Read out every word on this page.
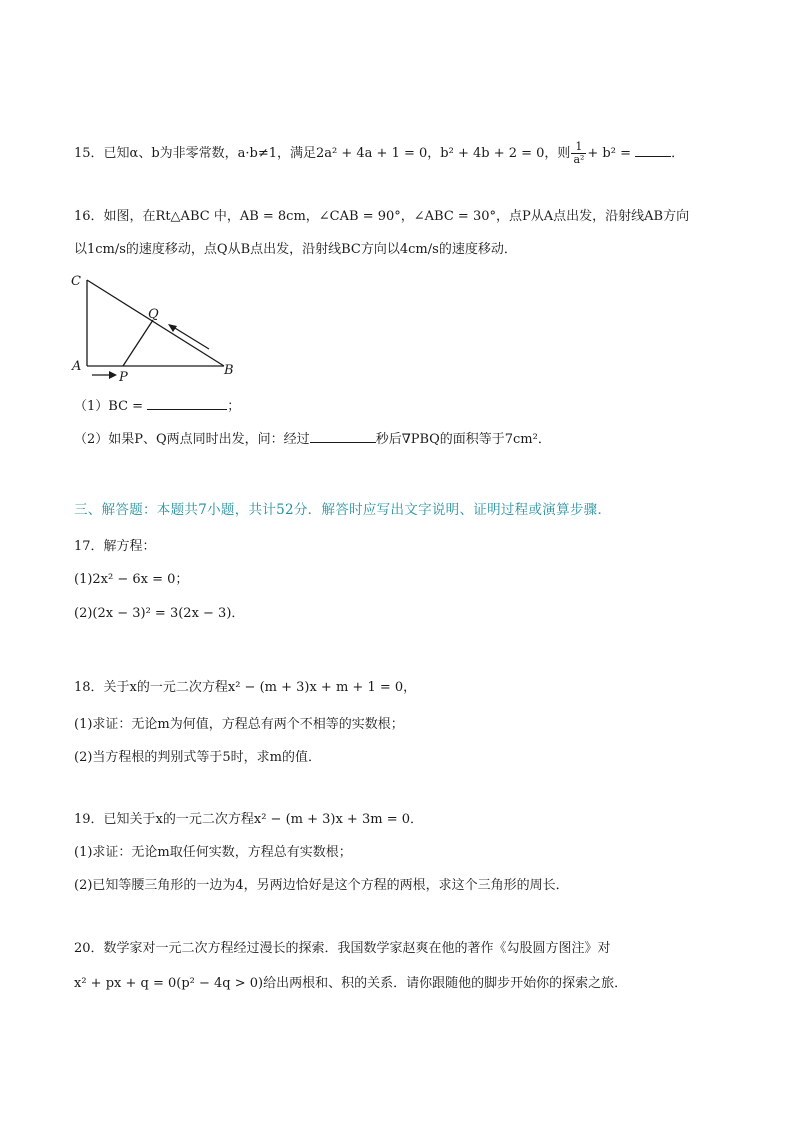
15．已知α、b为非零常数，a·b≠1，满足2a² + 4a + 1 = 0，b² + 4b + 2 = 0，则 $\frac{1}{\text{a²}} + b^2$ =	．
16．如图，在Rt△ABC 中，AB = 8cm，∠CAB = 90°，∠ABC = 30°，点P从A点出发，沿射线AB方向
以1cm/s的速度移动，点Q从B点出发，沿射线BC方向以4cm/s的速度移动．
C
Q
A
P	B
（1）BC =	；
（2）如果P、Q两点同时出发，问：经过	秒后∇PBQ的面积等于7cm²．
三、解答题：本题共7小题，共计52分．解答时应写出文字说明、证明过程或演算步骤．
17．解方程：
(1)2x² − 6x = 0；
(2)(2x − 3)² = 3(2x − 3)．
18．关于x的一元二次方程x² − (m + 3)x + m + 1 = 0，
(1)求证：无论m为何值，方程总有两个不相等的实数根；
(2)当方程根的判别式等于5时，求m的值．
19．已知关于x的一元二次方程x² − (m + 3)x + 3m = 0．
(1)求证：无论m取任何实数，方程总有实数根；
(2)已知等腰三角形的一边为4，另两边恰好是这个方程的两根，求这个三角形的周长．
20．数学家对一元二次方程经过漫长的探索．我国数学家赵爽在他的著作《勾股圆方图注》对
x² + px + q = 0(p² − 4q > 0)给出两根和、积的关系．请你跟随他的脚步开始你的探索之旅．
